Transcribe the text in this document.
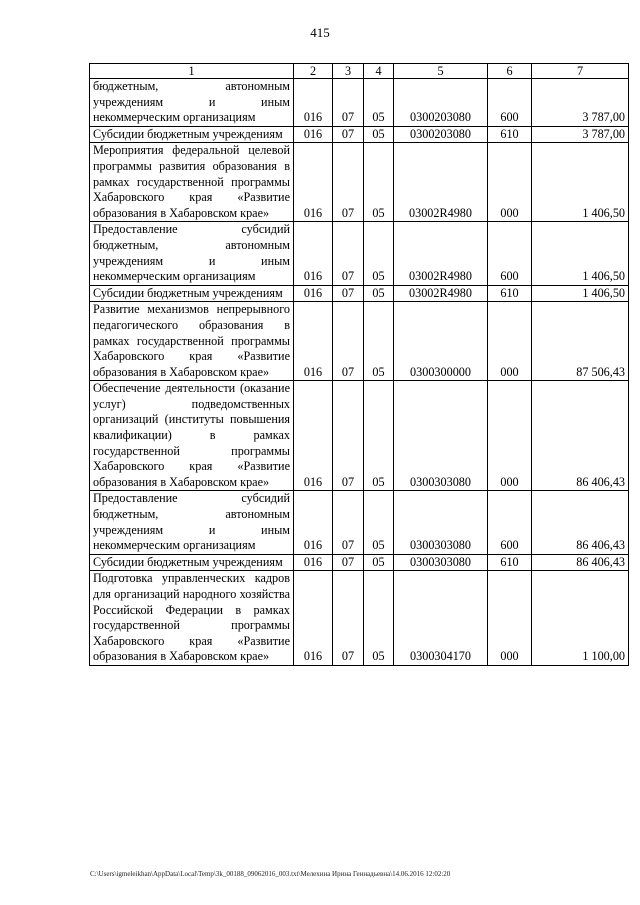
415
1	2	3	4	5	6	7
бюджетным, автономным учреждениям и иным некоммерческим организациям	016	07	05	0300203080	600	3 787,00
Субсидии бюджетным учреждениям	016	07	05	0300203080	610	3 787,00
Мероприятия федеральной целевой программы развития образования в рамках государственной программы Хабаровского края «Развитие образования в Хабаровском крае»	016	07	05	03002R4980	000	1 406,50
Предоставление субсидий бюджетным, автономным учреждениям и иным некоммерческим организациям	016	07	05	03002R4980	600	1 406,50
Субсидии бюджетным учреждениям	016	07	05	03002R4980	610	1 406,50
Развитие механизмов непрерывного педагогического образования в рамках государственной программы Хабаровского края «Развитие образования в Хабаровском крае»	016	07	05	0300300000	000	87 506,43
Обеспечение деятельности (оказание услуг) подведомственных организаций (институты повышения квалификации) в рамках государственной программы Хабаровского края «Развитие образования в Хабаровском крае»	016	07	05	0300303080	000	86 406,43
Предоставление субсидий бюджетным, автономным учреждениям и иным некоммерческим организациям	016	07	05	0300303080	600	86 406,43
Субсидии бюджетным учреждениям	016	07	05	0300303080	610	86 406,43
Подготовка управленческих кадров для организаций народного хозяйства Российской Федерации в рамках государственной программы Хабаровского края «Развитие образования в Хабаровском крае»	016	07	05	0300304170	000	1 100,00
C:\Users\igmeleikhan\AppData\Local\Temp\3k_00188_09062016_003.txt\Мелехина Ирина Геннадьевна\14.06.2016 12:02:20
